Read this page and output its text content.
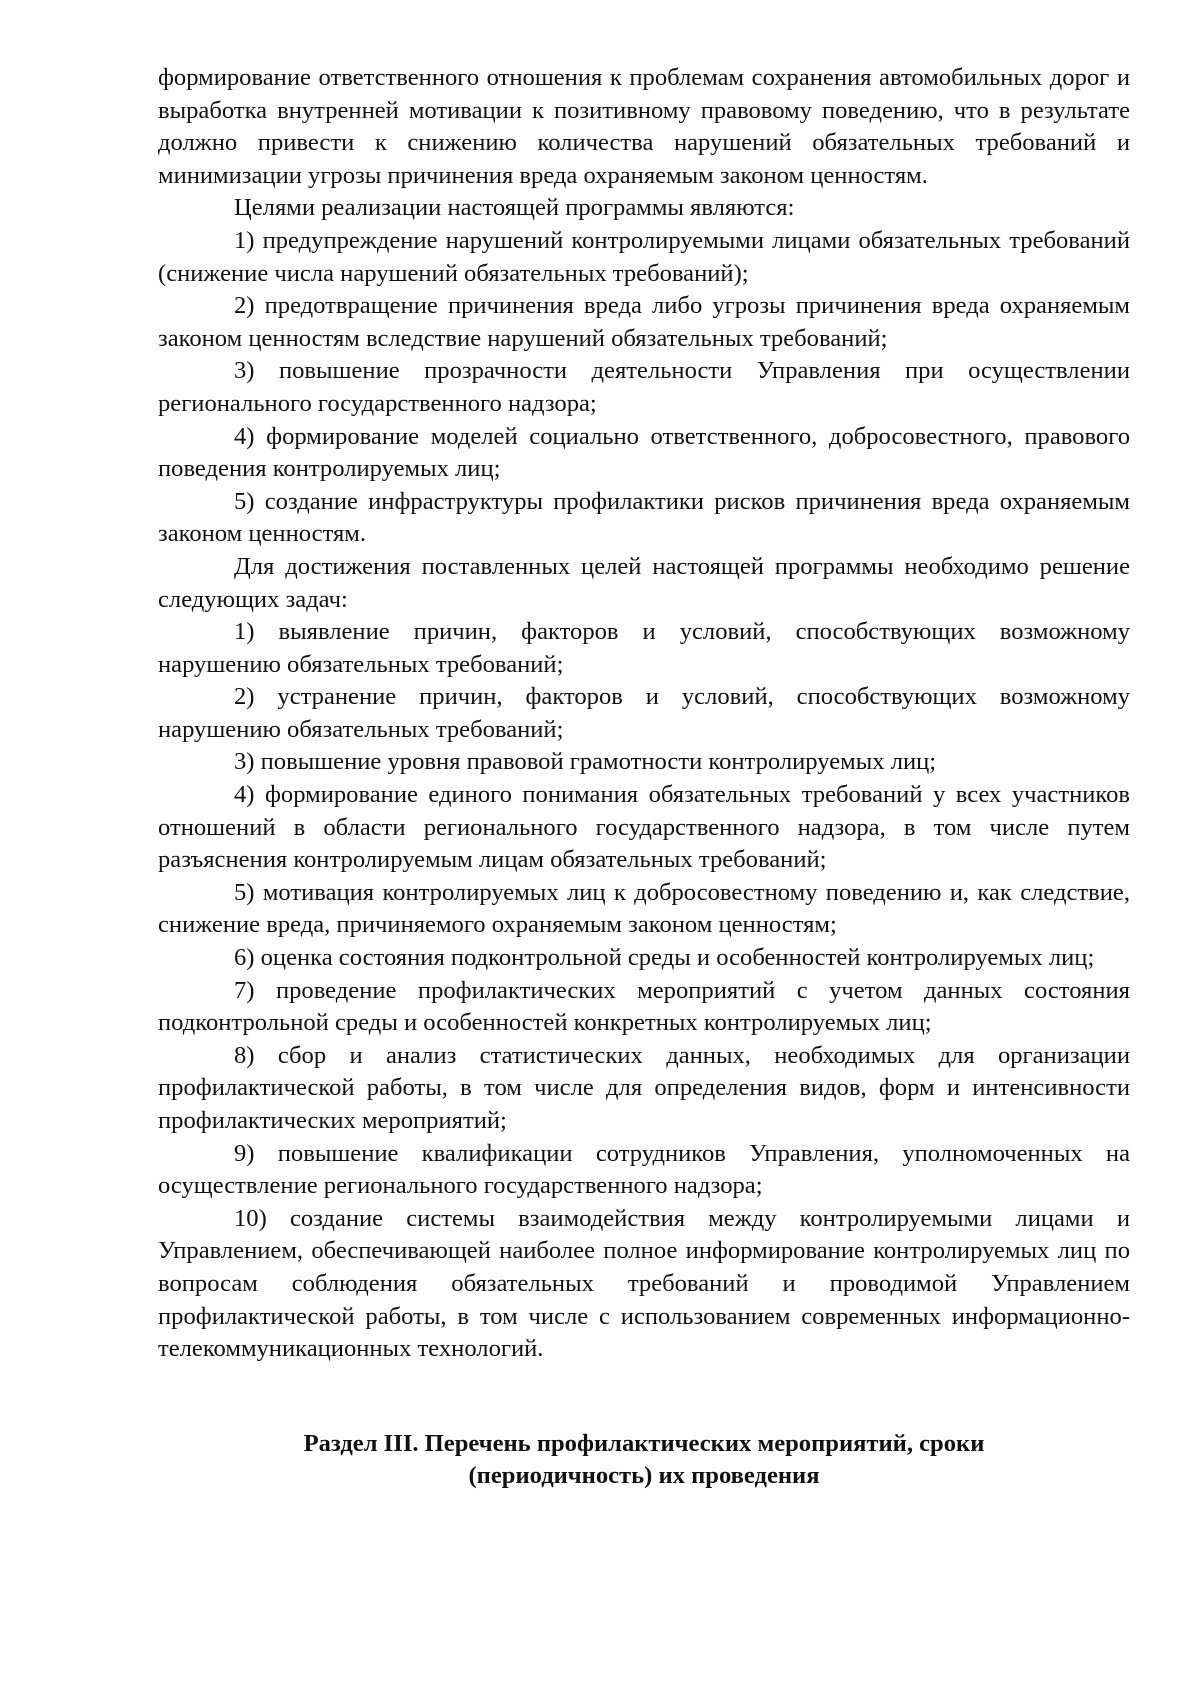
формирование ответственного отношения к проблемам сохранения автомобильных дорог и выработка внутренней мотивации к позитивному правовому поведению, что в результате должно привести к снижению количества нарушений обязательных требований и минимизации угрозы причинения вреда охраняемым законом ценностям.

Целями реализации настоящей программы являются:

1) предупреждение нарушений контролируемыми лицами обязательных требований (снижение числа нарушений обязательных требований);

2) предотвращение причинения вреда либо угрозы причинения вреда охраняемым законом ценностям вследствие нарушений обязательных требований;

3) повышение прозрачности деятельности Управления при осуществлении регионального государственного надзора;

4) формирование моделей социально ответственного, добросовестного, правового поведения контролируемых лиц;

5) создание инфраструктуры профилактики рисков причинения вреда охраняемым законом ценностям.

Для достижения поставленных целей настоящей программы необходимо решение следующих задач:

1) выявление причин, факторов и условий, способствующих возможному нарушению обязательных требований;

2) устранение причин, факторов и условий, способствующих возможному нарушению обязательных требований;

3) повышение уровня правовой грамотности контролируемых лиц;

4) формирование единого понимания обязательных требований у всех участников отношений в области регионального государственного надзора, в том числе путем разъяснения контролируемым лицам обязательных требований;

5) мотивация контролируемых лиц к добросовестному поведению и, как следствие, снижение вреда, причиняемого охраняемым законом ценностям;

6) оценка состояния подконтрольной среды и особенностей контролируемых лиц;

7) проведение профилактических мероприятий с учетом данных состояния подконтрольной среды и особенностей конкретных контролируемых лиц;

8) сбор и анализ статистических данных, необходимых для организации профилактической работы, в том числе для определения видов, форм и интенсивности профилактических мероприятий;

9) повышение квалификации сотрудников Управления, уполномоченных на осуществление регионального государственного надзора;

10) создание системы взаимодействия между контролируемыми лицами и Управлением, обеспечивающей наиболее полное информирование контролируемых лиц по вопросам соблюдения обязательных требований и проводимой Управлением профилактической работы, в том числе с использованием современных информационно-телекоммуникационных технологий.

Раздел III. Перечень профилактических мероприятий, сроки
(периодичность) их проведения
